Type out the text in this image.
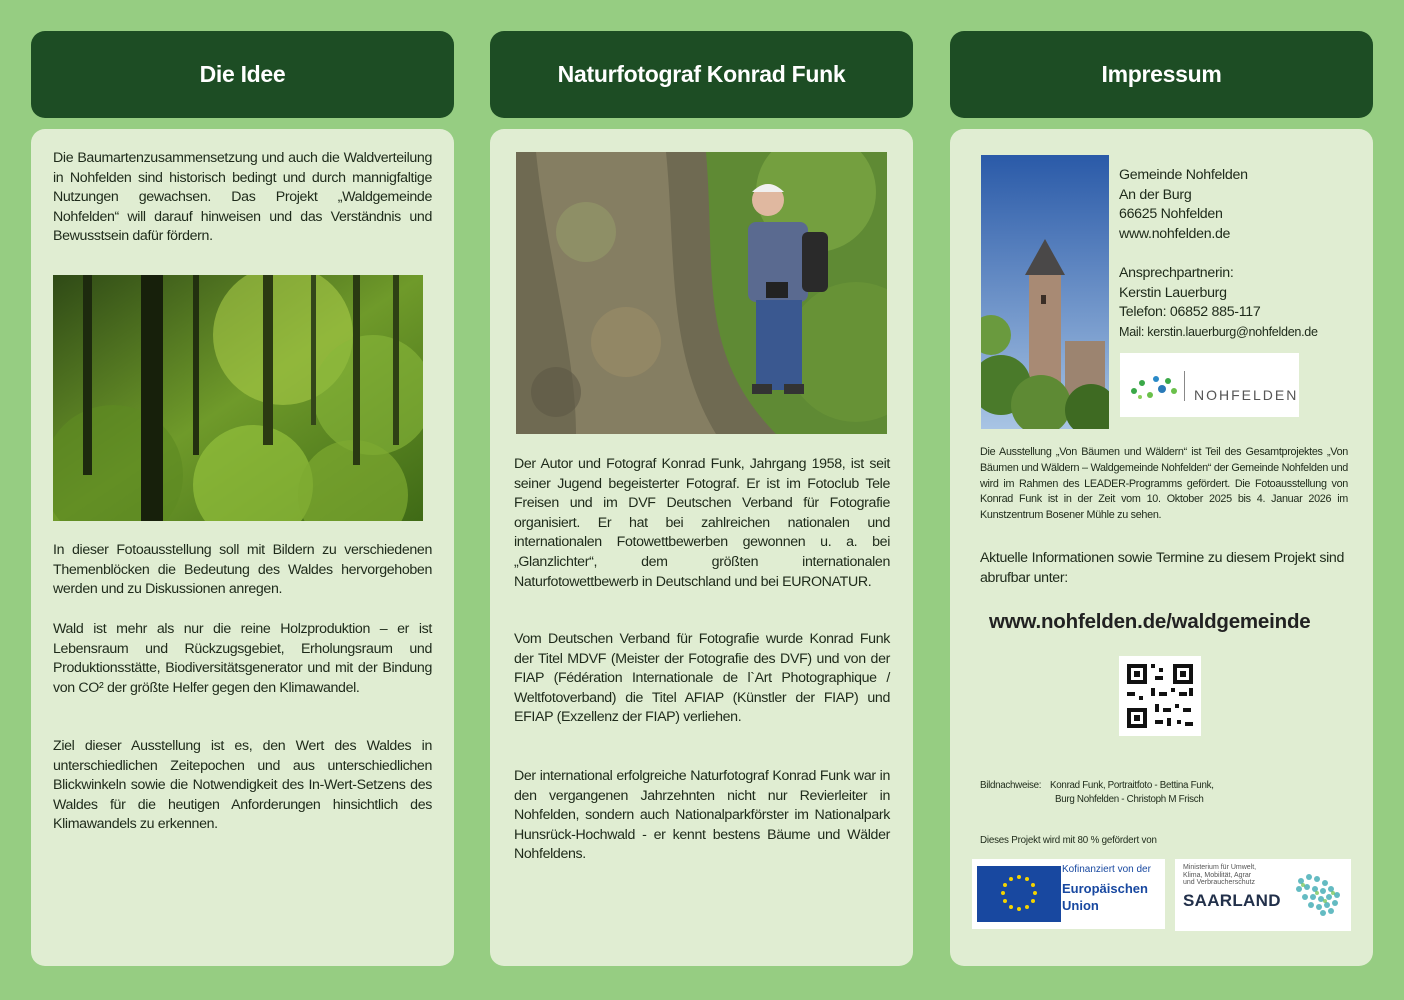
Die Idee

Die Baumartenzusammensetzung und auch die Waldverteilung in Nohfelden sind historisch bedingt und durch mannigfaltige Nutzungen gewachsen. Das Projekt „Waldgemeinde Nohfelden“ will darauf hinweisen und das Verständnis und Bewusstsein dafür fördern.

In dieser Fotoausstellung soll mit Bildern zu verschiedenen Themenblöcken die Bedeutung des Waldes hervorgehoben werden und zu Diskussionen anregen.

Wald ist mehr als nur die reine Holzproduktion – er ist Lebensraum und Rückzugsgebiet, Erholungsraum und Produktionsstätte, Biodiversitätsgenerator und mit der Bindung von CO² der größte Helfer gegen den Klimawandel.

Ziel dieser Ausstellung ist es, den Wert des Waldes in unterschiedlichen Zeitepochen und aus unterschiedlichen Blickwinkeln sowie die Notwendigkeit des In-Wert-Setzens des Waldes für die heutigen Anforderungen hinsichtlich des Klimawandels zu erkennen.

Naturfotograf Konrad Funk

Der Autor und Fotograf Konrad Funk, Jahrgang 1958, ist seit seiner Jugend begeisterter Fotograf. Er ist im Fotoclub Tele Freisen und im DVF Deutschen Verband für Fotografie organisiert. Er hat bei zahlreichen nationalen und internationalen Fotowettbewerben gewonnen u. a. bei „Glanzlichter“, dem größten internationalen Naturfotowettbewerb in Deutschland und bei EURONATUR.

Vom Deutschen Verband für Fotografie wurde Konrad Funk der Titel MDVF (Meister der Fotografie des DVF) und von der FIAP (Fédération Internationale de l`Art Photographique / Weltfotoverband) die Titel AFIAP (Künstler der FIAP) und EFIAP (Exzellenz der FIAP) verliehen.

Der international erfolgreiche Naturfotograf Konrad Funk war in den vergangenen Jahrzehnten nicht nur Revierleiter in Nohfelden, sondern auch Nationalparkförster im Nationalpark Hunsrück-Hochwald - er kennt bestens Bäume und Wälder Nohfeldens.

Impressum
Gemeinde Nohfelden
An der Burg
66625 Nohfelden
www.nohfelden.de
Ansprechpartnerin:
Kerstin Lauerburg
Telefon: 06852 885-117
Mail: kerstin.lauerburg@nohfelden.de
NOHFELDEN

Die Ausstellung „Von Bäumen und Wäldern“ ist Teil des Gesamtprojektes „Von Bäumen und Wäldern – Waldgemeinde Nohfelden“ der Gemeinde Nohfelden und wird im Rahmen des LEADER-Programms gefördert. Die Fotoausstellung von Konrad Funk ist in der Zeit vom 10. Oktober 2025 bis 4. Januar 2026 im Kunstzentrum Bosener Mühle zu sehen.

Aktuelle Informationen sowie Termine zu diesem Projekt sind abrufbar unter:

www.nohfelden.de/waldgemeinde
Bildnachweise: Konrad Funk, Portraitfoto - Bettina Funk,
Burg Nohfelden - Christoph M Frisch
Dieses Projekt wird mit 80 % gefördert von
Kofinanziert von der
Europäischen
Union
Ministerium für Umwelt,
Klima, Mobilität, Agrar
und Verbraucherschutz
SAARLAND
